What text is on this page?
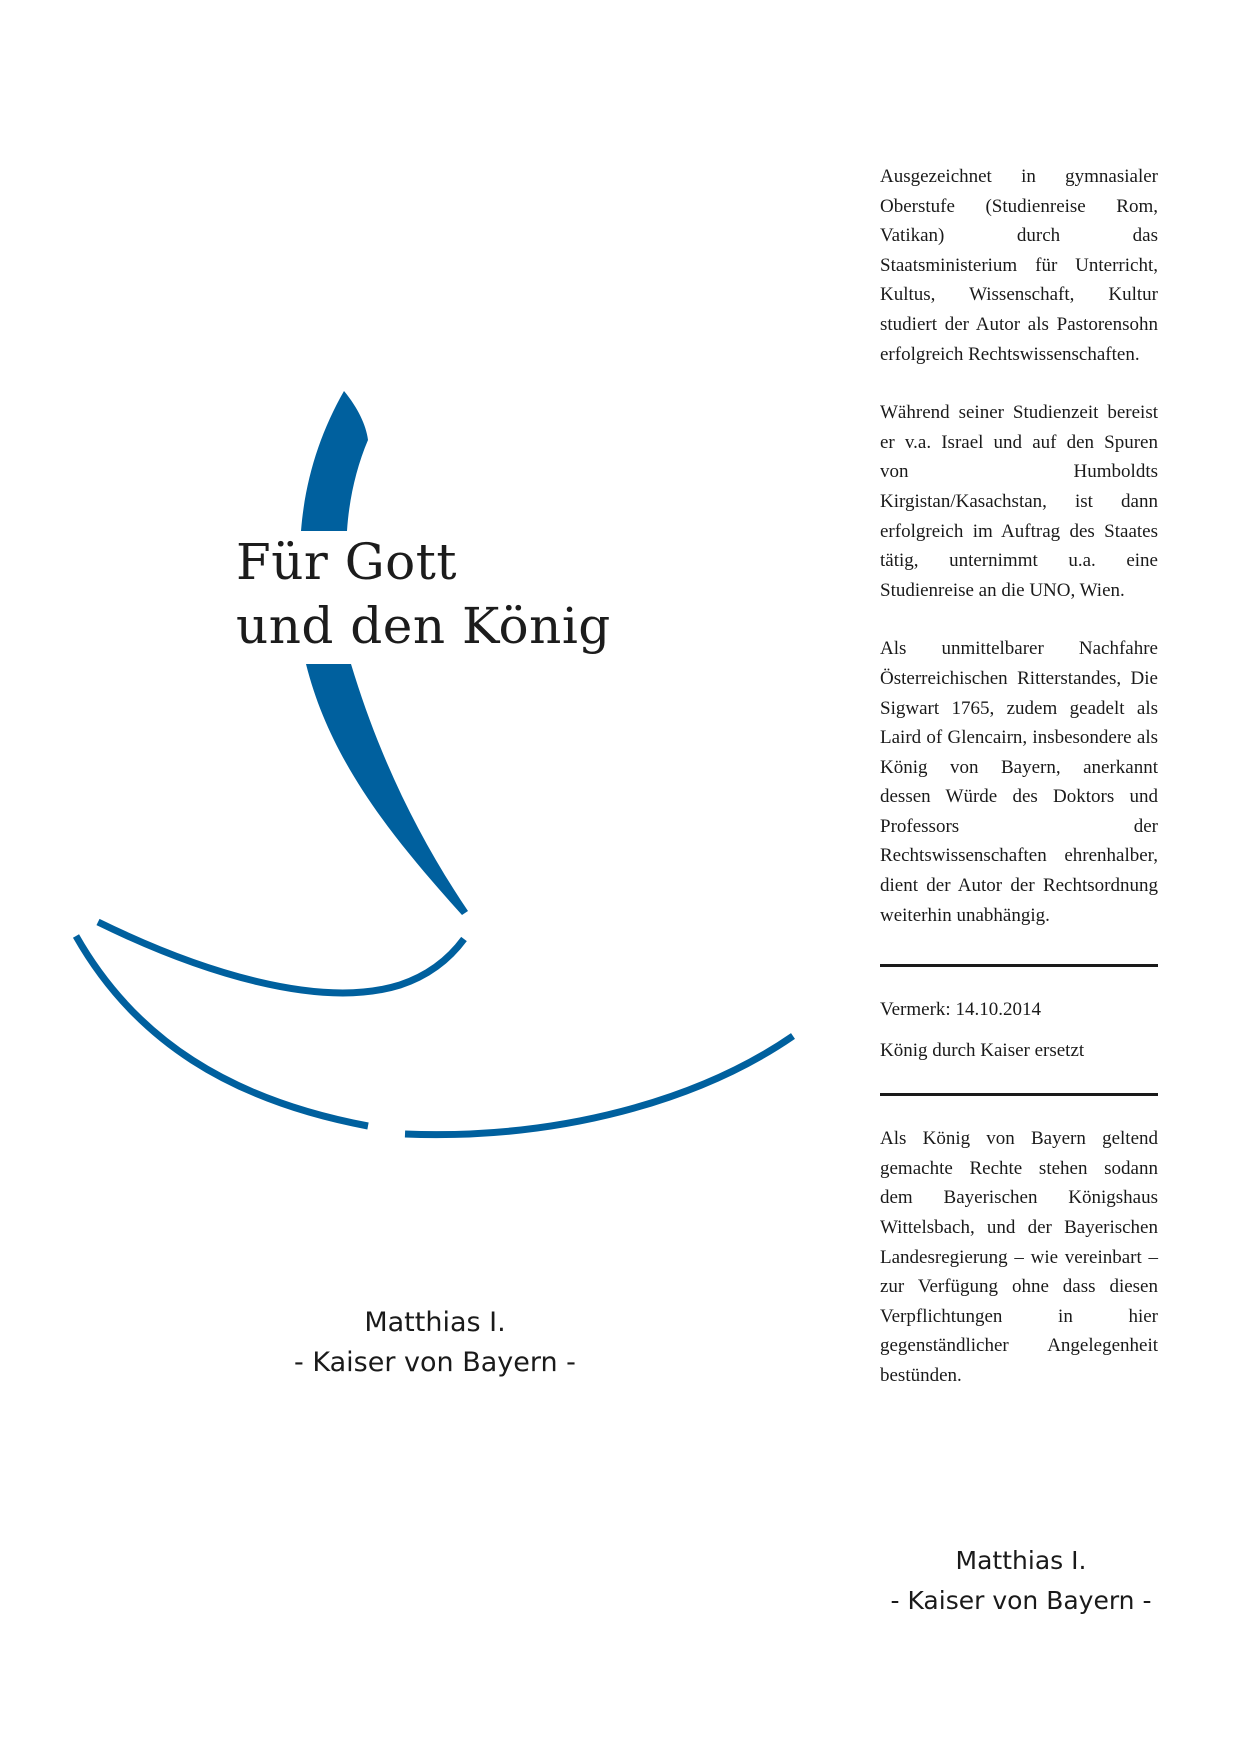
Für Gott
und den König
Matthias I.
- Kaiser von Bayern -

Ausgezeichnet in gymnasialer Oberstufe (Studienreise Rom, Vatikan) durch das Staatsministerium für Unterricht, Kultus, Wissenschaft, Kultur studiert der Autor als Pastorensohn erfolgreich Rechtswissenschaften.

Während seiner Studienzeit bereist er v.a. Israel und auf den Spuren von Humboldts Kirgistan/Kasachstan, ist dann erfolgreich im Auftrag des Staates tätig, unternimmt u.a. eine Studienreise an die UNO, Wien.

Als unmittelbarer Nachfahre Österreichischen Ritterstandes, Die Sigwart 1765, zudem geadelt als Laird of Glencairn, insbesondere als König von Bayern, anerkannt dessen Würde des Doktors und Professors der Rechtswissenschaften ehrenhalber, dient der Autor der Rechtsordnung weiterhin unabhängig.

Vermerk: 14.10.2014
König durch Kaiser ersetzt

Als König von Bayern geltend gemachte Rechte stehen sodann dem Bayerischen Königshaus Wittelsbach, und der Bayerischen Landesregierung – wie vereinbart – zur Verfügung ohne dass diesen Verpflichtungen in hier gegenständlicher Angelegenheit bestünden.

Matthias I.
- Kaiser von Bayern -
